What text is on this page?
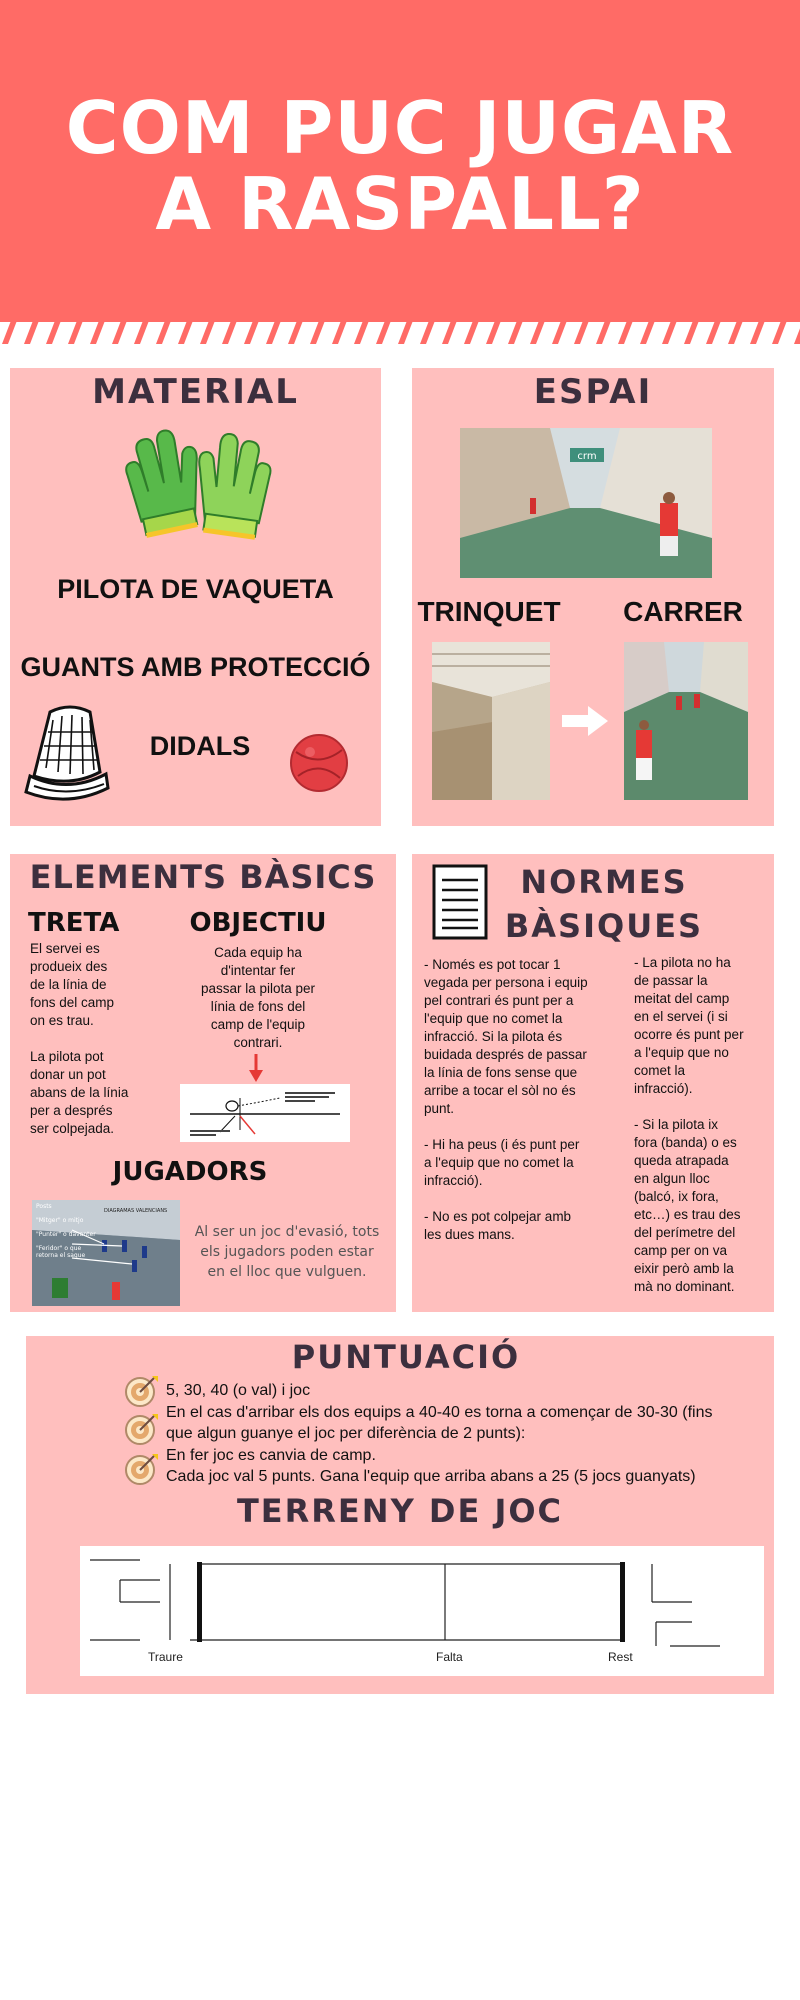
COM PUC JUGAR
A RASPALL?
MATERIAL
PILOTA DE VAQUETA
GUANTS AMB PROTECCIÓ
DIDALS
ESPAI
crm
TRINQUET	CARRER
ELEMENTS BÀSICS
TRETA
El servei es
produeix des
de la línia de
fons del camp
on es trau.
La pilota pot
donar un pot
abans de la línia
per a després
ser colpejada.
OBJECTIU
Cada equip ha
d'intentar fer
passar la pilota per
línia de fons del
camp de l'equip
contrari.
JUGADORS
Posts
"Mitger" o mitjo
"Punter" o davanter
"Feridor" o que
retorna el saque
DIAGRAMAS VALENCIANS
Al ser un joc d'evasió, tots
els jugadors poden estar
en el lloc que vulguen.
NORMES
BÀSIQUES
- Només es pot tocar 1
vegada per persona i equip
pel contrari és punt per a
l'equip que no comet la
infracció. Si la pilota és
buidada després de passar
la línia de fons sense que
arribe a tocar el sòl no és
punt.
- Hi ha peus (i és punt per
a l'equip que no comet la
infracció).
- No es pot colpejar amb
les dues mans.
- La pilota no ha
de passar la
meitat del camp
en el servei (i si
ocorre és punt per
a l'equip que no
comet la
infracció).
- Si la pilota ix
fora (banda) o es
queda atrapada
en algun lloc
(balcó, ix fora,
etc…) es trau des
del perímetre del
camp per on va
eixir però amb la
mà no dominant.
PUNTUACIÓ
5, 30, 40 (o val) i joc
En el cas d'arribar els dos equips a 40-40 es torna a començar de 30-30 (fins
que algun guanye el joc per diferència de 2 punts):
En fer joc es canvia de camp.
Cada joc val 5 punts. Gana l'equip que arriba abans a 25 (5 jocs guanyats)
TERRENY DE JOC
Traure	Falta	Rest
